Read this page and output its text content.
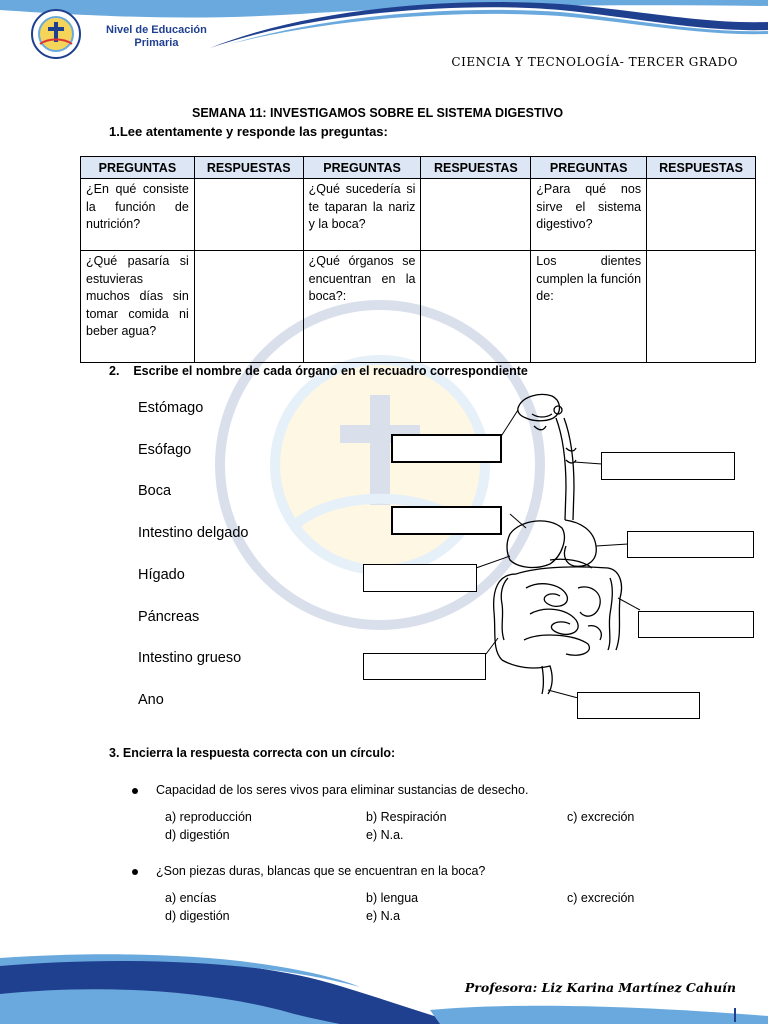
Nivel de Educación
Primaria
CIENCIA Y TECNOLOGÍA- TERCER GRADO
SEMANA 11: INVESTIGAMOS SOBRE EL SISTEMA DIGESTIVO
1.Lee atentamente y responde las preguntas:
PREGUNTAS	RESPUESTAS	PREGUNTAS	RESPUESTAS	PREGUNTAS	RESPUESTAS
¿En qué consiste la función de nutrición?		¿Qué sucedería si te taparan la nariz y la boca?		¿Para qué nos sirve el sistema digestivo?	
¿Qué pasaría si estuvieras muchos días sin tomar comida ni beber agua?		¿Qué órganos se encuentran en la boca?:		Los dientes cumplen la función de:	
2.    Escribe el nombre de cada órgano en el recuadro correspondiente
Estómago
Esófago
Boca
Intestino delgado
Hígado
Páncreas
Intestino grueso
Ano
3. Encierra la respuesta correcta con un círculo:
Capacidad de los seres vivos para eliminar sustancias de desecho.
a) reproducción	b) Respiración	c) excreción
d) digestión	e) N.a.
¿Son piezas duras, blancas que se encuentran en la boca?
a) encías	b) lengua	c) excreción
d) digestión	e) N.a
Profesora: Liz Karina Martínez Cahuín
